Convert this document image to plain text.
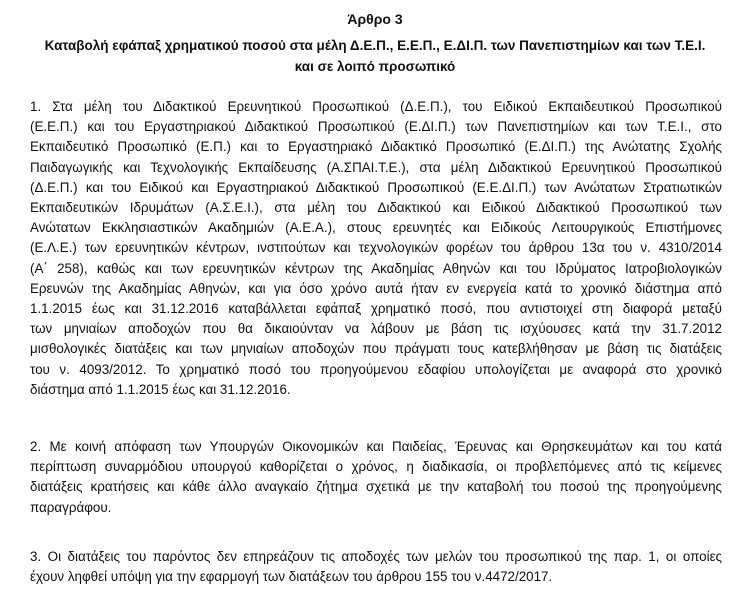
Άρθρο 3
Καταβολή εφάπαξ χρηματικού ποσού στα μέλη Δ.Ε.Π., Ε.Ε.Π., Ε.ΔΙ.Π. των Πανεπιστημίων και των Τ.Ε.Ι.
και σε λοιπό προσωπικό

1. Στα μέλη του Διδακτικού Ερευνητικού Προσωπικού (Δ.Ε.Π.), του Ειδικού Εκπαιδευτικού Προσωπικού
(Ε.Ε.Π.) και του Εργαστηριακού Διδακτικού Προσωπικού (Ε.ΔΙ.Π.) των Πανεπιστημίων και των Τ.Ε.Ι., στο
Εκπαιδευτικό Προσωπικό (Ε.Π.) και το Εργαστηριακό Διδακτικό Προσωπικό (Ε.ΔΙ.Π.) της Ανώτατης Σχολής
Παιδαγωγικής και Τεχνολογικής Εκπαίδευσης (Α.ΣΠΑΙ.Τ.Ε.), στα μέλη Διδακτικού Ερευνητικού Προσωπικού
(Δ.Ε.Π.) και του Ειδικού και Εργαστηριακού Διδακτικού Προσωπικού (Ε.Ε.ΔΙ.Π.) των Ανώτατων Στρατιωτικών
Εκπαιδευτικών Ιδρυμάτων (Α.Σ.Ε.Ι.), στα μέλη του Διδακτικού και Ειδικού Διδακτικού Προσωπικού των
Ανώτατων Εκκλησιαστικών Ακαδημιών (Α.Ε.Α.), στους ερευνητές και Ειδικούς Λειτουργικούς Επιστήμονες
(Ε.Λ.Ε.) των ερευνητικών κέντρων, ινστιτούτων και τεχνολογικών φορέων του άρθρου 13α του ν. 4310/2014
(Α΄ 258), καθώς και των ερευνητικών κέντρων της Ακαδημίας Αθηνών και του Ιδρύματος Ιατροβιολογικών
Ερευνών της Ακαδημίας Αθηνών, και για όσο χρόνο αυτά ήταν εν ενεργεία κατά το χρονικό διάστημα από
1.1.2015 έως και 31.12.2016 καταβάλλεται εφάπαξ χρηματικό ποσό, που αντιστοιχεί στη διαφορά μεταξύ
των μηνιαίων αποδοχών που θα δικαιούνταν να λάβουν με βάση τις ισχύουσες κατά την 31.7.2012
μισθολογικές διατάξεις και των μηνιαίων αποδοχών που πράγματι τους κατεβλήθησαν με βάση τις διατάξεις
του ν. 4093/2012. Το χρηματικό ποσό του προηγούμενου εδαφίου υπολογίζεται με αναφορά στο χρονικό
διάστημα από 1.1.2015 έως και 31.12.2016.

2. Με κοινή απόφαση των Υπουργών Οικονομικών και Παιδείας, Έρευνας και Θρησκευμάτων και του κατά
περίπτωση συναρμόδιου υπουργού καθορίζεται ο χρόνος, η διαδικασία, οι προβλεπόμενες από τις κείμενες
διατάξεις κρατήσεις και κάθε άλλο αναγκαίο ζήτημα σχετικά με την καταβολή του ποσού της προηγούμενης
παραγράφου.

3. Οι διατάξεις του παρόντος δεν επηρεάζουν τις αποδοχές των μελών του προσωπικού της παρ. 1, οι οποίες
έχουν ληφθεί υπόψη για την εφαρμογή των διατάξεων του άρθρου 155 του ν.4472/2017.
